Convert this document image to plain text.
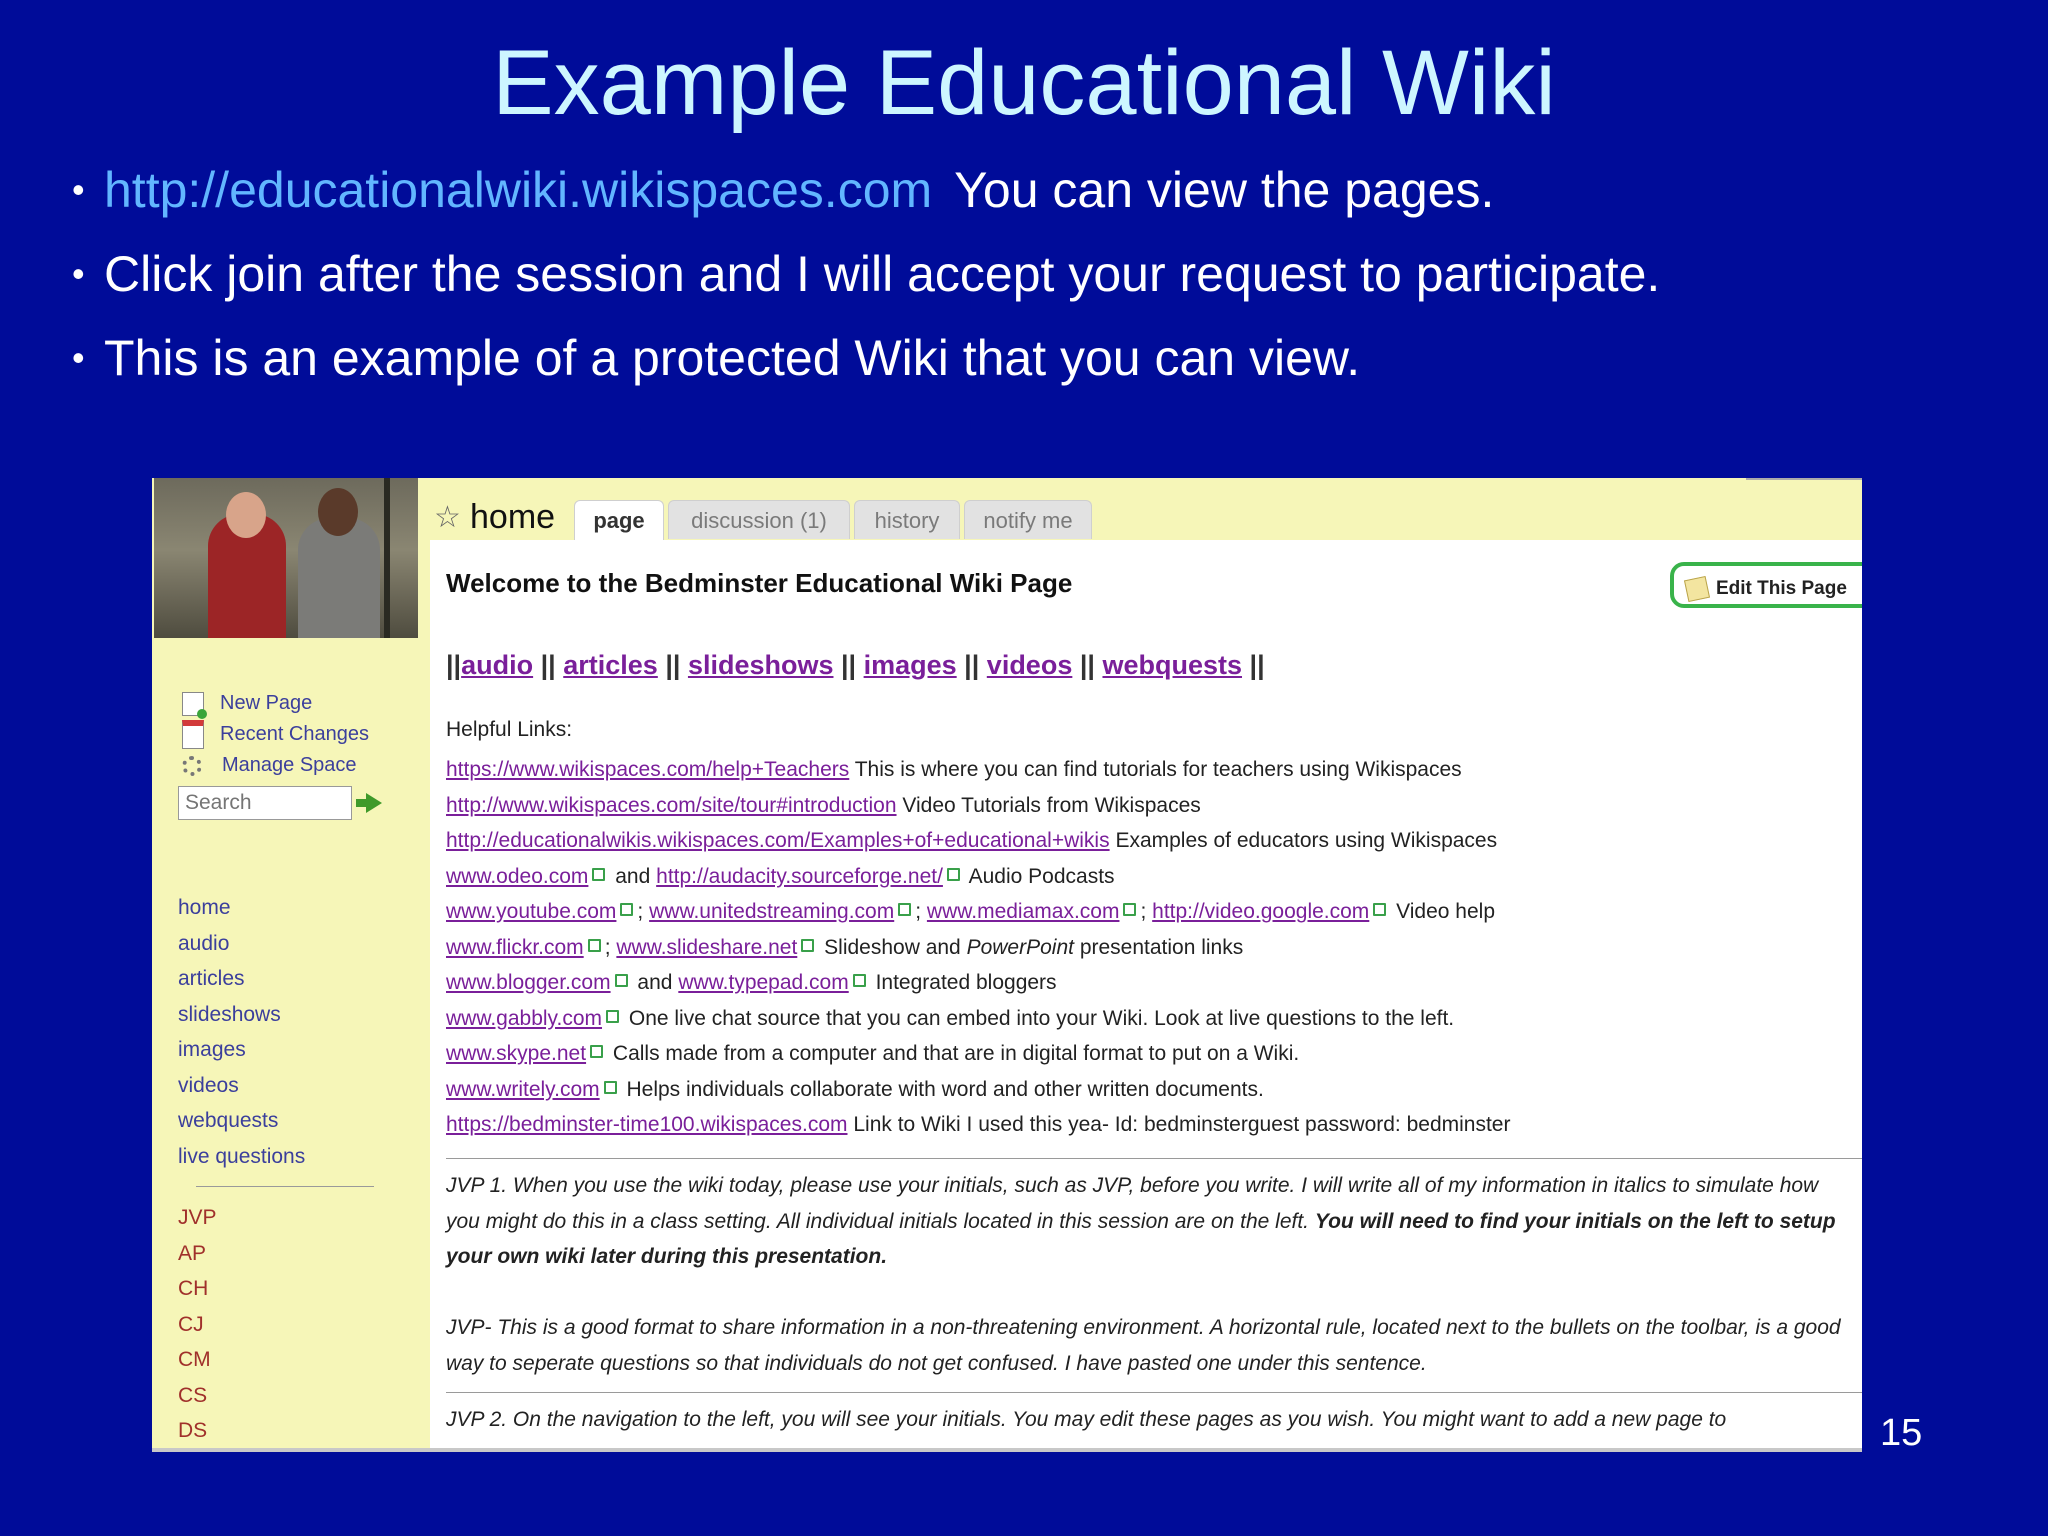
Example Educational Wiki
• http://educationalwiki.wikispaces.com You can view the pages.
• Click join after the session and I will accept your request to participate.
• This is an example of a protected Wiki that you can view.
New Page
Recent Changes
Manage Space
Search
home
audio
articles
slideshows
images
videos
webquests
live questions
JVP
AP
CH
CJ
CM
CS
DS
☆ home	page	discussion (1)	history	notify me
Welcome to the Bedminster Educational Wiki Page	Edit This Page
||audio || articles || slideshows || images || videos || webquests ||
Helpful Links:
https://www.wikispaces.com/help+Teachers This is where you can find tutorials for teachers using Wikispaces
http://www.wikispaces.com/site/tour#introduction Video Tutorials from Wikispaces
http://educationalwikis.wikispaces.com/Examples+of+educational+wikis Examples of educators using Wikispaces
www.odeo.com and http://audacity.sourceforge.net/ Audio Podcasts
www.youtube.com ; www.unitedstreaming.com ; www.mediamax.com ; http://video.google.com Video help
www.flickr.com ; www.slideshare.net Slideshow and PowerPoint presentation links
www.blogger.com and www.typepad.com Integrated bloggers
www.gabbly.com One live chat source that you can embed into your Wiki. Look at live questions to the left.
www.skype.net Calls made from a computer and that are in digital format to put on a Wiki.
www.writely.com Helps individuals collaborate with word and other written documents.
https://bedminster-time100.wikispaces.com Link to Wiki I used this yea- Id: bedminsterguest password: bedminster
JVP 1. When you use the wiki today, please use your initials, such as JVP, before you write. I will write all of my information in italics to simulate how you might do this in a class setting. All individual initials located in this session are on the left. You will need to find your initials on the left to setup your own wiki later during this presentation.
JVP- This is a good format to share information in a non-threatening environment. A horizontal rule, located next to the bullets on the toolbar, is a good way to seperate questions so that individuals do not get confused. I have pasted one under this sentence.
JVP 2. On the navigation to the left, you will see your initials. You may edit these pages as you wish. You might want to add a new page to	15
